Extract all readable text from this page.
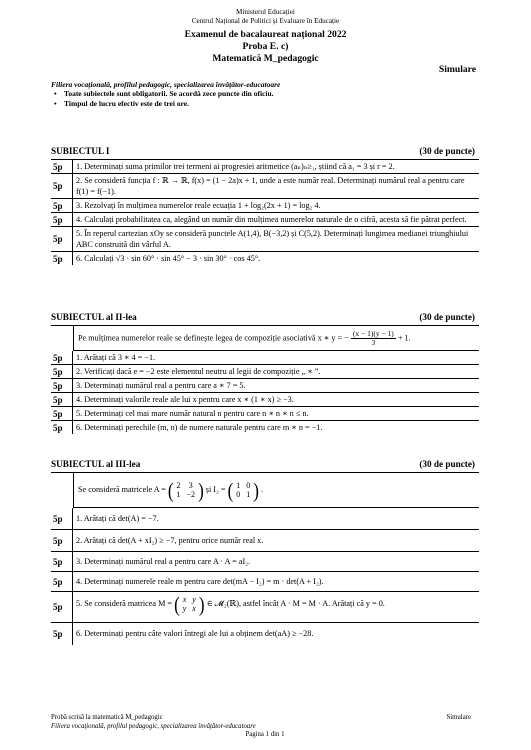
Ministerul Educației
Centrul Național de Politici și Evaluare în Educație
Examenul de bacalaureat național 2022
Proba E. c)
Matematică M_pedagogic
Simulare
Filiera vocațională, profilul pedagogic, specializarea învățător-educatoare
• Toate subiectele sunt obligatorii. Se acordă zece puncte din oficiu.
• Timpul de lucru efectiv este de trei ore.
SUBIECTUL I	(30 de puncte)
5p	1. Determinați suma primilor trei termeni ai progresiei aritmetice (aₙ)ₙ≥₁, știind că a₁ = 3 și r = 2.
5p
2. Se consideră funcția f : ℝ → ℝ, f(x) = (1 − 2a)x + 1, unde a este număr real. Determinați numărul real a pentru care f(1) = f(−1).
5p	3. Rezolvați în mulțimea numerelor reale ecuația 1 + log₂(2x + 1) = log₂ 4.
5p	4. Calculați probabilitatea ca, alegând un număr din mulțimea numerelor naturale de o cifră, acesta să fie pătrat perfect.
5p
5. În reperul cartezian xOy se consideră punctele A(1,4), B(−3,2) și C(5,2). Determinați lungimea medianei triunghiului ABC construită din vârful A.
5p	6. Calculați √3 · sin 60° · sin 45° − 3 · sin 30° · cos 45°.
SUBIECTUL al II-lea	(30 de puncte)
Pe mulțimea numerelor reale se definește legea de compoziție asociativă x ∗ y = − $\frac{(x - 1)(y - 1)}{3} + 1$.
5p	1. Arătați că 3 ∗ 4 = −1.
5p	2. Verificați dacă e = −2 este elementul neutru al legii de compoziție „ ∗ ”.
5p	3. Determinați numărul real a pentru care a ∗ 7 = 5.
5p	4. Determinați valorile reale ale lui x pentru care x ∗ (1 ∗ x) ≥ −3.
5p	5. Determinați cel mai mare număr natural n pentru care n ∗ n ∗ n ≤ n.
5p	6. Determinați perechile (m, n) de numere naturale pentru care m ∗ n = −1.
SUBIECTUL al III-lea	(30 de puncte)
Se consideră matricele A = ( 2	3
1	−2 ) și I₂ = ( 1	0
0	1 ) .
5p	1. Arătați că det(A) = −7.
5p	2. Arătați că det(A + xI₂) ≥ −7, pentru orice număr real x.
5p	3. Determinați numărul real a pentru care A · A = aI₂.
5p	4. Determinați numerele reale m pentru care det(mA − I₂) = m · det(A + I₂).
5p	5. Se consideră matricea M = ( x	y
y	x ) ∈ 𝓜₂(ℝ), astfel încât A · M = M · A. Arătați că y = 0.
5p	6. Determinați pentru câte valori întregi ale lui a obținem det(aA) ≥ −28.
Probă scrisă la matematică M_pedagogic	Simulare
Filiera vocațională, profilul pedagogic, specializarea învățător-educatoare
Pagina 1 din 1
